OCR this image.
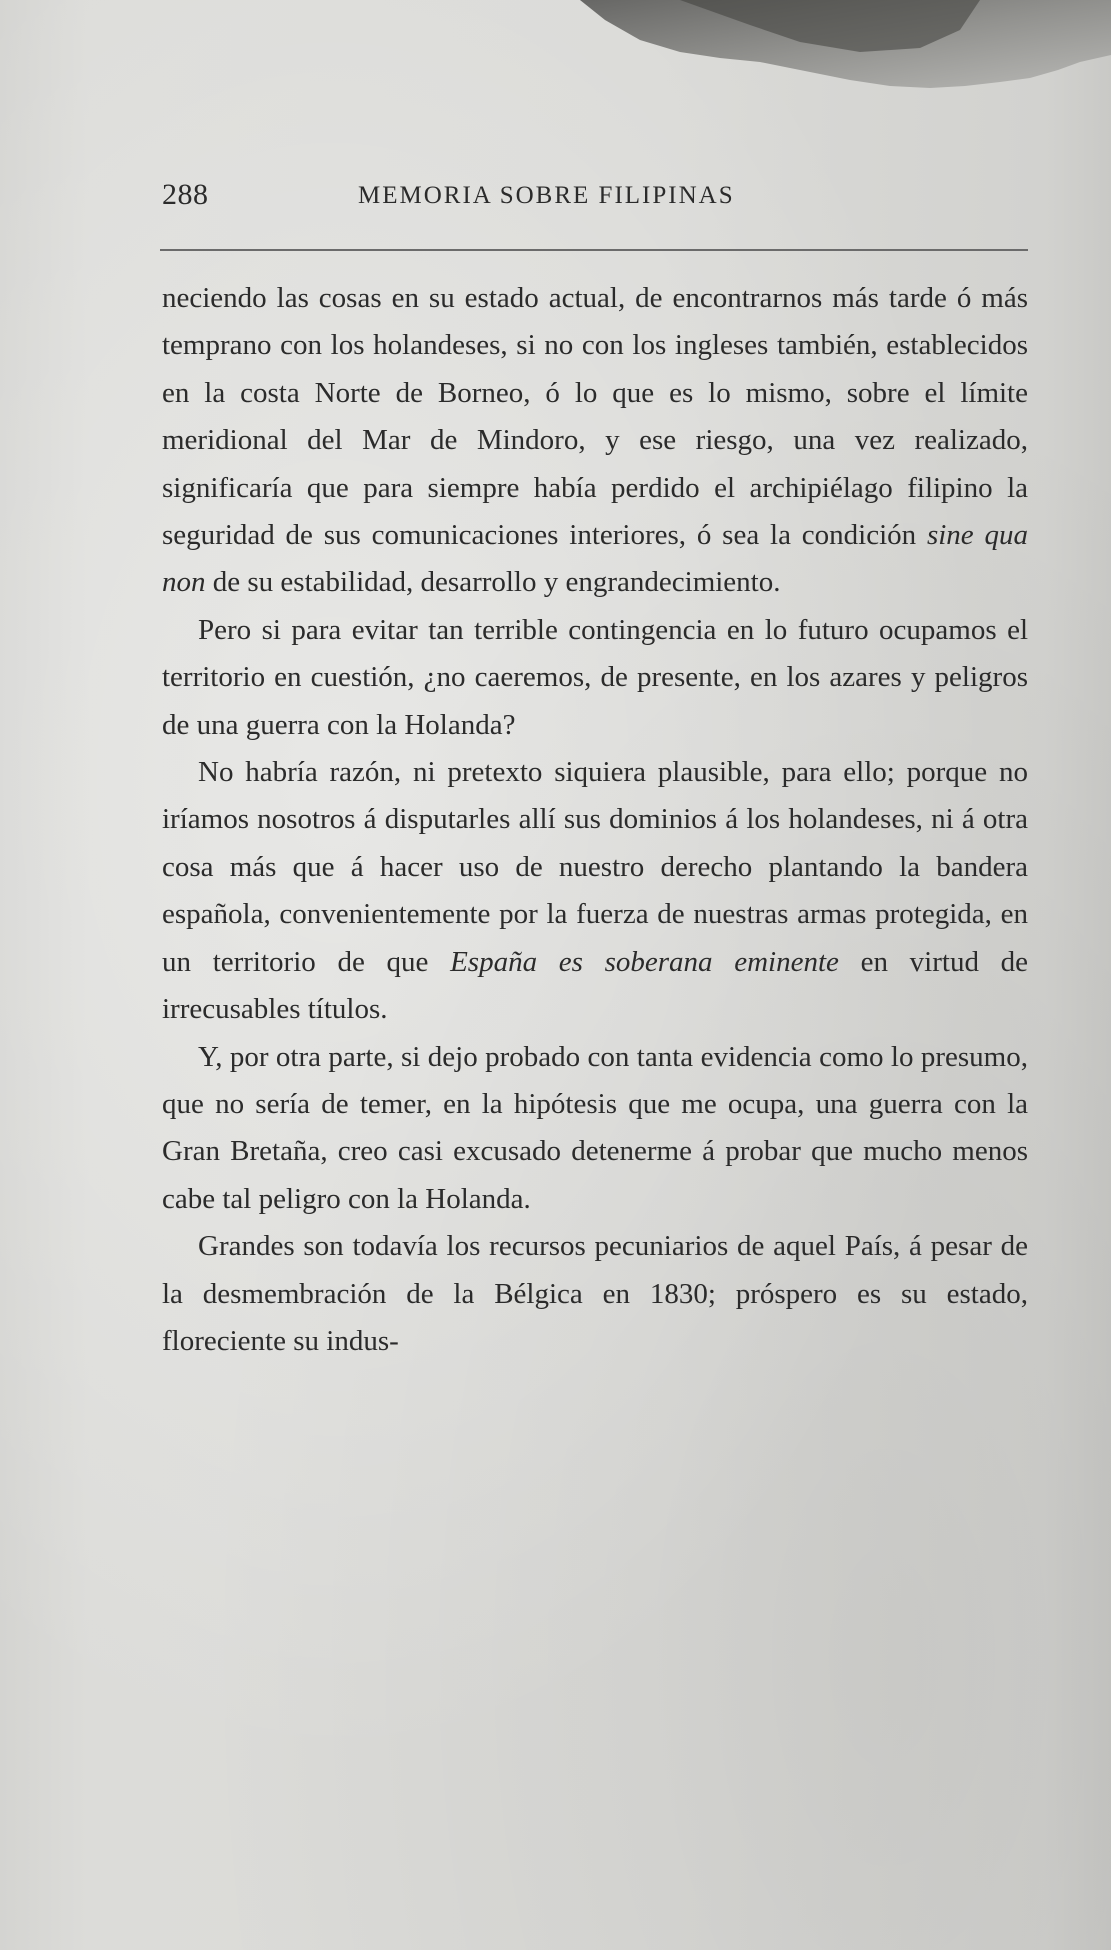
288	MEMORIA SOBRE FILIPINAS

neciendo las cosas en su estado actual, de encontrarnos más tarde ó más temprano con los holandeses, si no con los ingleses también, establecidos en la costa Norte de Borneo, ó lo que es lo mismo, sobre el límite meridional del Mar de Mindoro, y ese riesgo, una vez realizado, significaría que para siempre había perdido el archipiélago filipino la seguridad de sus comunicaciones interiores, ó sea la condición sine qua non de su estabilidad, desarrollo y engrandecimiento.

Pero si para evitar tan terrible contingencia en lo futuro ocupamos el territorio en cuestión, ¿no caeremos, de presente, en los azares y peligros de una guerra con la Holanda?

No habría razón, ni pretexto siquiera plausible, para ello; porque no iríamos nosotros á disputarles allí sus dominios á los holandeses, ni á otra cosa más que á hacer uso de nuestro derecho plantando la bandera española, convenientemente por la fuerza de nuestras armas protegida, en un territorio de que España es soberana eminente en virtud de irrecusables títulos.

Y, por otra parte, si dejo probado con tanta evidencia como lo presumo, que no sería de temer, en la hipótesis que me ocupa, una guerra con la Gran Bretaña, creo casi excusado detenerme á probar que mucho menos cabe tal peligro con la Holanda.

Grandes son todavía los recursos pecuniarios de aquel País, á pesar de la desmembración de la Bélgica en 1830; próspero es su estado, floreciente su indus-
